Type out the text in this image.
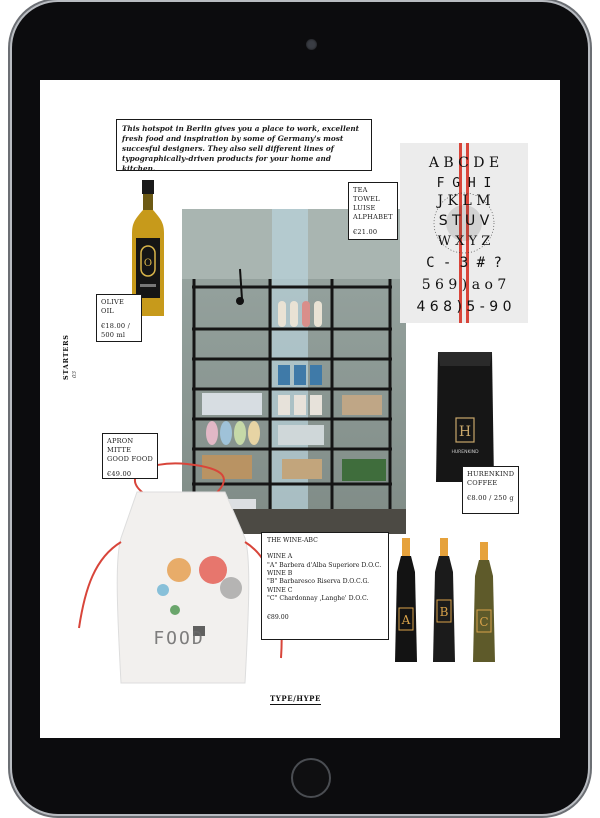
This hotspot in Berlin gives you a place to work, excellent fresh food and inspiration by some of Germany's most succesful designers. They also sell different lines of typographically-driven products for your home and kitchen.
O
OLIVE OIL
€18.00 / 500 ml
A B C D E
F G H I
J K L M
S T U V
W X Y Z
C - 3 # ?
5 6 9 ) a o 7
4 6 8 ) 5 - 9 0
TEA TOWEL LUISE ALPHABET
€21.00
STARTERS 03
H
HURENKIND
HURENKIND COFFEE
€8.00 / 250 g
FOOD
APRON MITTE GOOD FOOD
€49.00
A
B
C
THE WINE-ABC
WINE A
"A" Barbera d'Alba Superiore D.O.C.
WINE B
"B" Barbaresco Riserva D.O.C.G.
WINE C
"C" Chardonnay ,Langhe' D.O.C.
€89.00
TYPE/HYPE
